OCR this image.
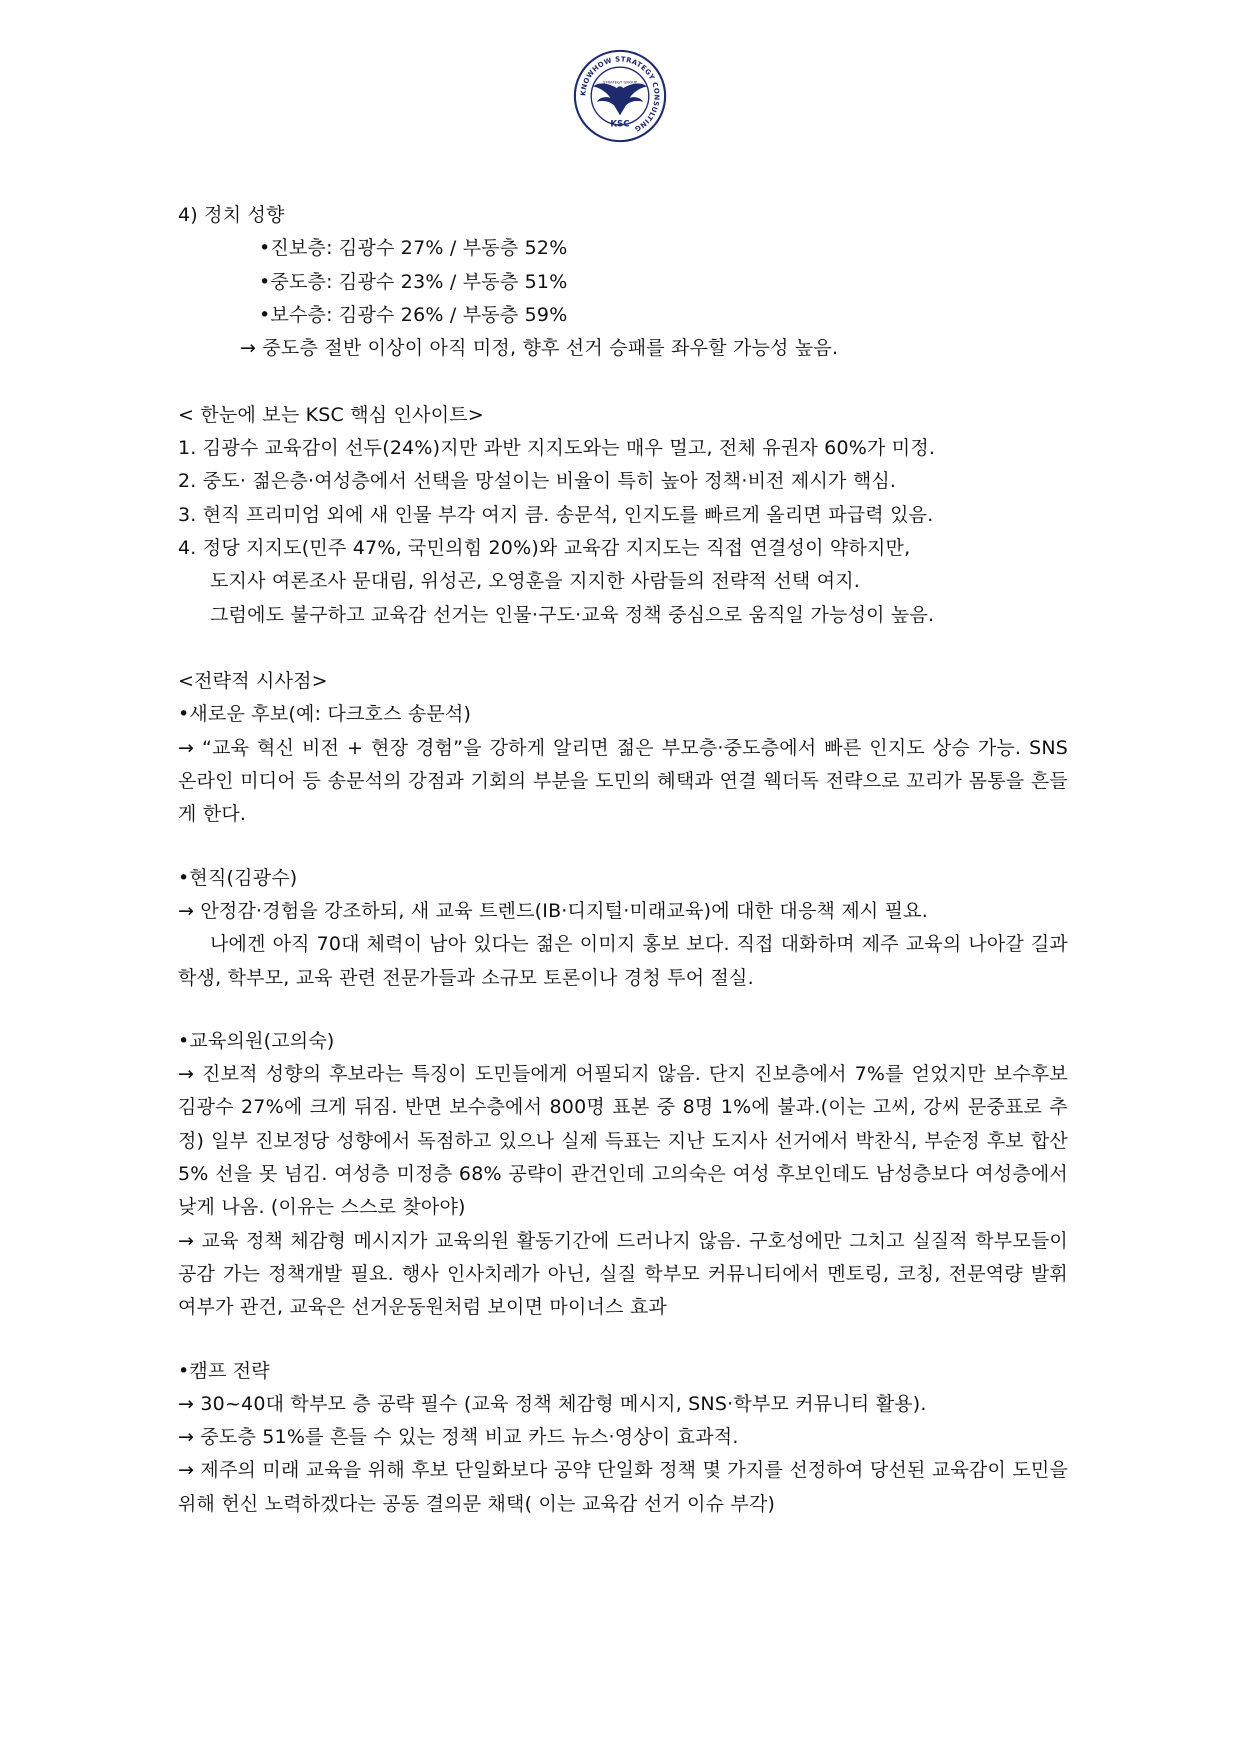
KNOWHOW STRATEGY CONSULTING
STRATEGY GROUP
KSC

4) 정치 성향

•진보층: 김광수 27% / 부동층 52%

•중도층: 김광수 23% / 부동층 51%

•보수층: 김광수 26% / 부동층 59%

→ 중도층 절반 이상이 아직 미정, 향후 선거 승패를 좌우할 가능성 높음.

< 한눈에 보는 KSC 핵심 인사이트>

1. 김광수 교육감이 선두(24%)지만 과반 지지도와는 매우 멀고, 전체 유권자 60%가 미정.

2. 중도· 젊은층·여성층에서 선택을 망설이는 비율이 특히 높아 정책·비전 제시가 핵심.

3. 현직 프리미엄 외에 새 인물 부각 여지 큼. 송문석, 인지도를 빠르게 올리면 파급력 있음.

4. 정당 지지도(민주 47%, 국민의힘 20%)와 교육감 지지도는 직접 연결성이 약하지만,

도지사 여론조사 문대림, 위성곤, 오영훈을 지지한 사람들의 전략적 선택 여지.

그럼에도 불구하고 교육감 선거는 인물·구도·교육 정책 중심으로 움직일 가능성이 높음.

<전략적 시사점>

•새로운 후보(예: 다크호스 송문석)

→ “교육 혁신 비전 + 현장 경험”을 강하게 알리면 젊은 부모층·중도층에서 빠른 인지도 상승 가능. SNS 온라인 미디어 등 송문석의 강점과 기회의 부분을 도민의 혜택과 연결 웩더독 전략으로 꼬리가 몸통을 흔들게 한다.

•현직(김광수)

→ 안정감·경험을 강조하되, 새 교육 트렌드(IB·디지털·미래교육)에 대한 대응책 제시 필요.

나에겐 아직 70대 체력이 남아 있다는 젊은 이미지 홍보 보다. 직접 대화하며 제주 교육의 나아갈 길과 학생, 학부모, 교육 관련 전문가들과 소규모 토론이나 경청 투어 절실.

•교육의원(고의숙)

→ 진보적 성향의 후보라는 특징이 도민들에게 어필되지 않음. 단지 진보층에서 7%를 얻었지만 보수후보 김광수 27%에 크게 뒤짐. 반면 보수층에서 800명 표본 중 8명 1%에 불과.(이는 고씨, 강씨 문중표로 추정) 일부 진보정당 성향에서 독점하고 있으나 실제 득표는 지난 도지사 선거에서 박찬식, 부순정 후보 합산 5% 선을 못 넘김. 여성층 미정층 68% 공략이 관건인데 고의숙은 여성 후보인데도 남성층보다 여성층에서 낮게 나옴. (이유는 스스로 찾아야)

→ 교육 정책 체감형 메시지가 교육의원 활동기간에 드러나지 않음. 구호성에만 그치고 실질적 학부모들이 공감 가는 정책개발 필요. 행사 인사치레가 아닌, 실질 학부모 커뮤니티에서 멘토링, 코칭, 전문역량 발휘 여부가 관건, 교육은 선거운동원처럼 보이면 마이너스 효과

•캠프 전략

→ 30~40대 학부모 층 공략 필수 (교육 정책 체감형 메시지, SNS·학부모 커뮤니티 활용).

→ 중도층 51%를 흔들 수 있는 정책 비교 카드 뉴스·영상이 효과적.

→ 제주의 미래 교육을 위해 후보 단일화보다 공약 단일화 정책 몇 가지를 선정하여 당선된 교육감이 도민을 위해 헌신 노력하겠다는 공동 결의문 채택( 이는 교육감 선거 이슈 부각)
